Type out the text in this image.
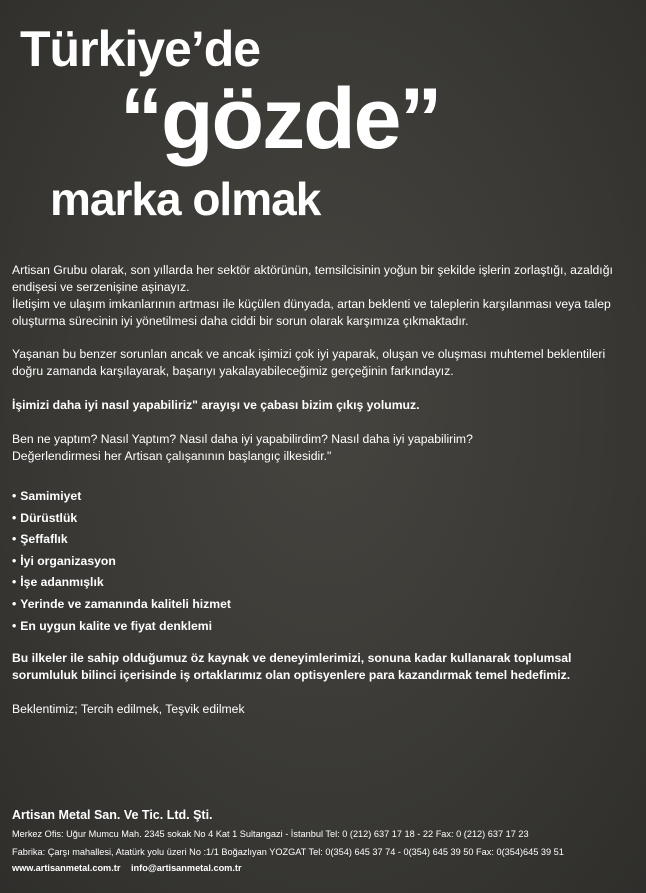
Türkiye’de
“gözde”
marka olmak

Artisan Grubu olarak, son yıllarda her sektör aktörünün, temsilcisinin yoğun bir şekilde işlerin zorlaştığı, azaldığı endişesi ve serzenişine aşinayız.

İletişim ve ulaşım imkanlarının artması ile küçülen dünyada, artan beklenti ve taleplerin karşılanması veya talep oluşturma sürecinin iyi yönetilmesi daha ciddi bir sorun olarak karşımıza çıkmaktadır.

Yaşanan bu benzer sorunlan ancak ve ancak işimizi çok iyi yaparak, oluşan ve oluşması muhtemel beklentileri doğru zamanda karşılayarak, başarıyı yakalayabileceğimiz gerçeğinin farkındayız.

İşimizi daha iyi nasıl yapabiliriz" arayışı ve çabası bizim çıkış yolumuz.

Ben ne yaptım? Nasıl Yaptım? Nasıl daha iyi yapabilirdim? Nasıl daha iyi yapabilirim?

Değerlendirmesi her Artisan çalışanının başlangıç ilkesidir."

• Samimiyet
• Dürüstlük
• Şeffaflık
• İyi organizasyon
• İşe adanmışlık
• Yerinde ve zamanında kaliteli hizmet
• En uygun kalite ve fiyat denklemi

Bu ilkeler ile sahip olduğumuz öz kaynak ve deneyimlerimizi, sonuna kadar kullanarak toplumsal sorumluluk bilinci içerisinde iş ortaklarımız olan optisyenlere para kazandırmak temel hedefimiz.

Beklentimiz; Tercih edilmek, Teşvik edilmek

Artisan Metal San. Ve Tic. Ltd. Şti.
Merkez Ofis: Uğur Mumcu Mah. 2345 sokak No 4 Kat 1 Sultangazi - İstanbul Tel: 0 (212) 637 17 18 - 22 Fax: 0 (212) 637 17 23
Fabrika: Çarşı mahallesi, Atatürk yolu üzeri No :1/1 Boğazlıyan YOZGAT Tel: 0(354) 645 37 74 - 0(354) 645 39 50 Fax: 0(354)645 39 51
www.artisanmetal.com.tr info@artisanmetal.com.tr
